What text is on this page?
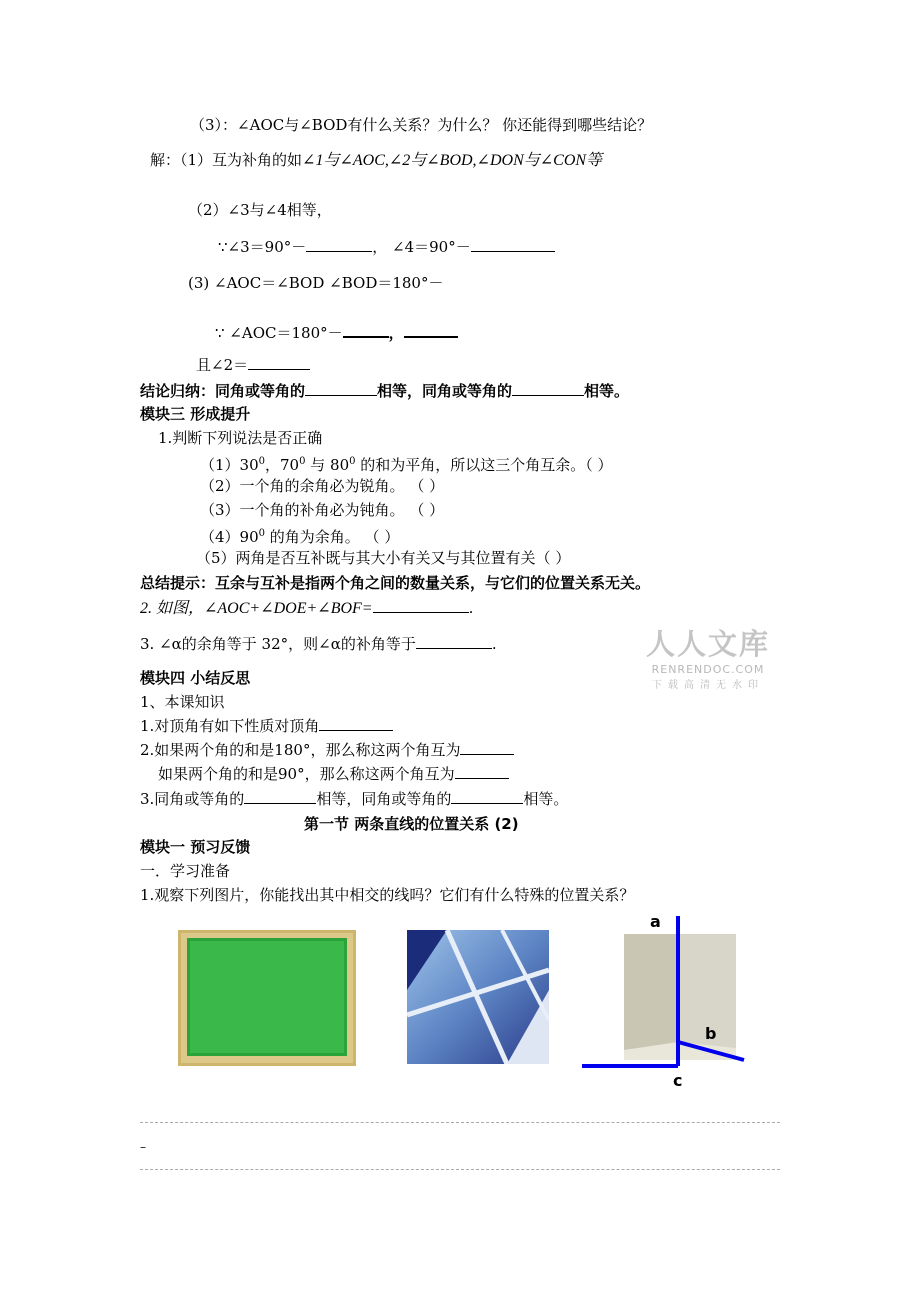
（3）：∠AOC与∠BOD有什么关系？为什么？ 你还能得到哪些结论？
解：（1）互为补角的如∠1与∠AOC,∠2与∠BOD,∠DON与∠CON等
（2）∠3与∠4相等，
∵∠3＝90°－	， ∠4＝90°－
(3) ∠AOC＝∠BOD ∠BOD＝180°－
∵ ∠AOC＝180°－	，
且∠2＝
结论归纳：同角或等角的	相等，同角或等角的	相等。
模块三 形成提升
1.判断下列说法是否正确
$(1)30^0$，$70^0$ 与 $80^0$ 的和为平角，所以这三个角互余。（ ）
（2）一个角的余角必为锐角。 （ ）
（3）一个角的补角必为钝角。 （ ）
$(4)90^0$ 的角为余角。 （ ）
（5）两角是否互补既与其大小有关又与其位置有关（ ）
总结提示：互余与互补是指两个角之间的数量关系，与它们的位置关系无关。
2. 如图，∠AOC+∠DOE+∠BOF=	.
3. ∠α的余角等于 32°，则∠α的补角等于	.	人人文库
RENRENDOC.COM
下载高清无水印
模块四 小结反思
1、本课知识
1.对顶角有如下性质对顶角
2.如果两个角的和是180°，那么称这两个角互为
如果两个角的和是90°，那么称这两个角互为
3.同角或等角的	相等，同角或等角的	相等。
第一节 两条直线的位置关系 (2)
模块一 预习反馈
一．学习准备
1.观察下列图片，你能找出其中相交的线吗？它们有什么特殊的位置关系？
a
b
c
–
